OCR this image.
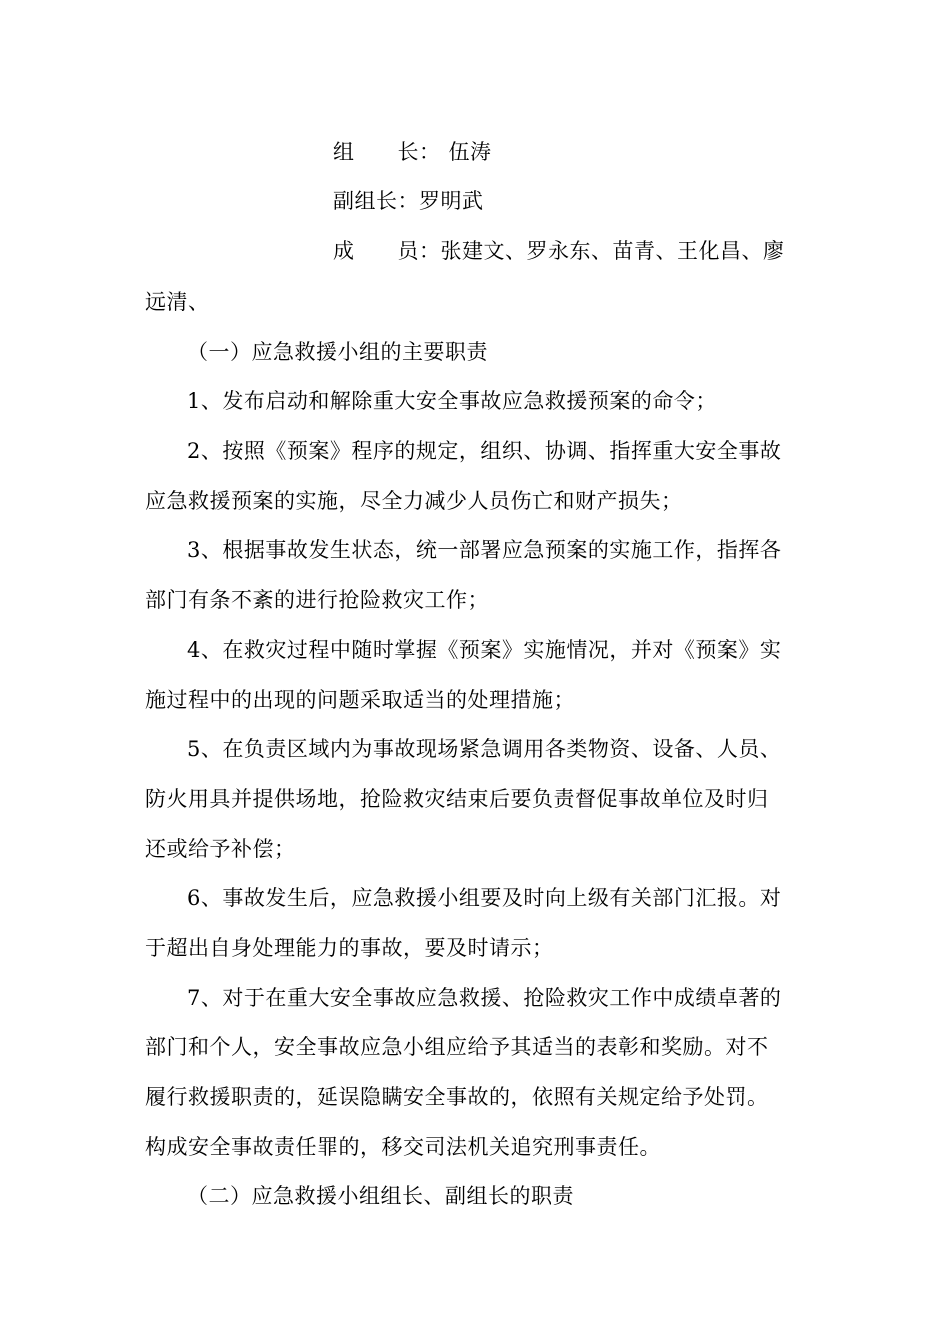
组　　长： 伍涛
副组长：罗明武
成　　员：张建文、罗永东、苗青、王化昌、廖
远清、
（一）应急救援小组的主要职责
1、发布启动和解除重大安全事故应急救援预案的命令；
2、按照《预案》程序的规定，组织、协调、指挥重大安全事故
应急救援预案的实施，尽全力减少人员伤亡和财产损失；
3、根据事故发生状态，统一部署应急预案的实施工作，指挥各
部门有条不紊的进行抢险救灾工作；
4、在救灾过程中随时掌握《预案》实施情况，并对《预案》实
施过程中的出现的问题采取适当的处理措施；
5、在负责区域内为事故现场紧急调用各类物资、设备、人员、
防火用具并提供场地，抢险救灾结束后要负责督促事故单位及时归
还或给予补偿；
6、事故发生后，应急救援小组要及时向上级有关部门汇报。对
于超出自身处理能力的事故，要及时请示；
7、对于在重大安全事故应急救援、抢险救灾工作中成绩卓著的
部门和个人，安全事故应急小组应给予其适当的表彰和奖励。对不
履行救援职责的，延误隐瞒安全事故的，依照有关规定给予处罚。
构成安全事故责任罪的，移交司法机关追究刑事责任。
（二）应急救援小组组长、副组长的职责
